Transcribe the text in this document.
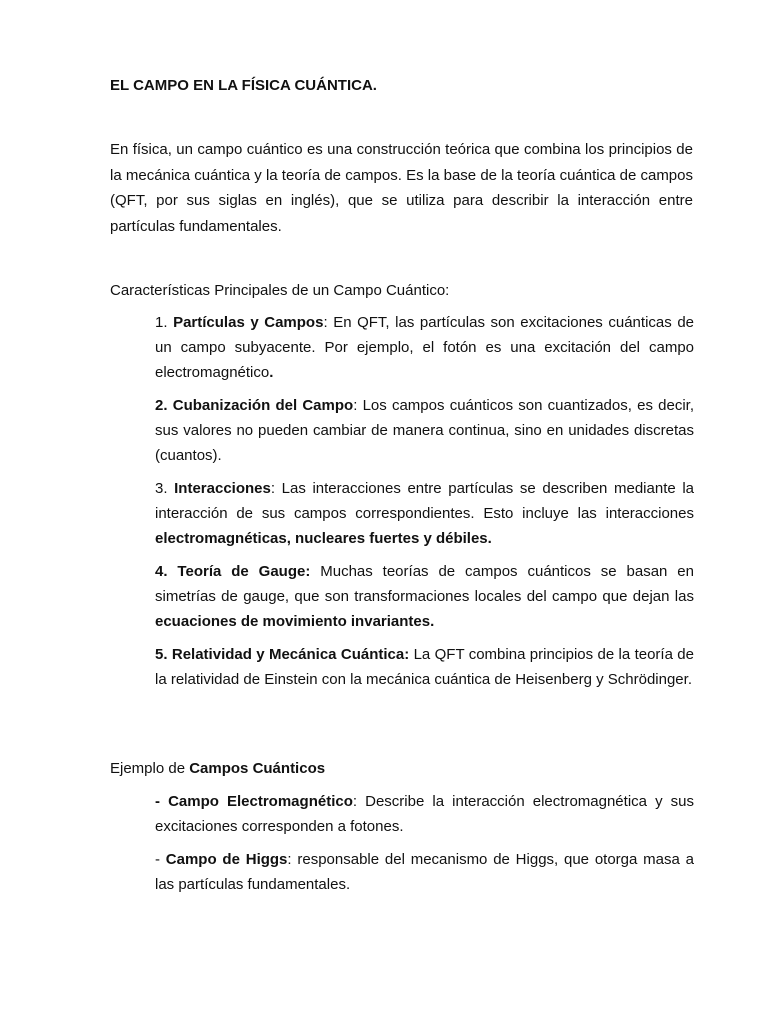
EL CAMPO EN LA FÍSICA CUÁNTICA.

En física, un campo cuántico es una construcción teórica que combina los principios de la mecánica cuántica y la teoría de campos. Es la base de la teoría cuántica de campos (QFT, por sus siglas en inglés), que se utiliza para describir la interacción entre partículas fundamentales.

Características Principales de un Campo Cuántico:

1. Partículas y Campos: En QFT, las partículas son excitaciones cuánticas de un campo subyacente. Por ejemplo, el fotón es una excitación del campo electromagnético.

2. Cubanización del Campo: Los campos cuánticos son cuantizados, es decir, sus valores no pueden cambiar de manera continua, sino en unidades discretas (cuantos).

3. Interacciones: Las interacciones entre partículas se describen mediante la interacción de sus campos correspondientes. Esto incluye las interacciones electromagnéticas, nucleares fuertes y débiles.

4. Teoría de Gauge: Muchas teorías de campos cuánticos se basan en simetrías de gauge, que son transformaciones locales del campo que dejan las ecuaciones de movimiento invariantes.

5. Relatividad y Mecánica Cuántica: La QFT combina principios de la teoría de la relatividad de Einstein con la mecánica cuántica de Heisenberg y Schrödinger.

Ejemplo de Campos Cuánticos

- Campo Electromagnético: Describe la interacción electromagnética y sus excitaciones corresponden a fotones.

- Campo de Higgs: responsable del mecanismo de Higgs, que otorga masa a las partículas fundamentales.
